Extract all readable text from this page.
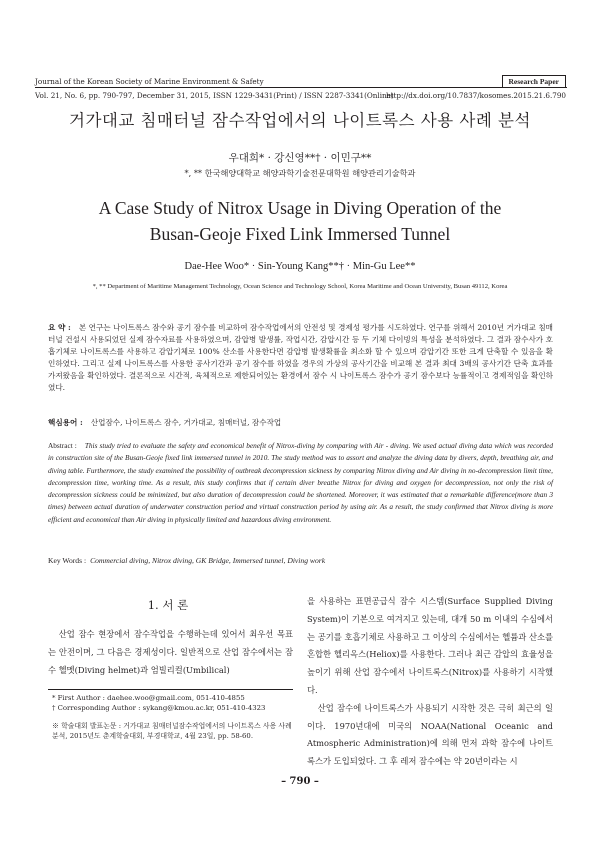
Journal of the Korean Society of Marine Environment & Safety	Research Paper
Vol. 21, No. 6, pp. 790-797, December 31, 2015, ISSN 1229-3431(Print) / ISSN 2287-3341(Online)
http://dx.doi.org/10.7837/kosomes.2015.21.6.790
거가대교 침매터널 잠수작업에서의 나이트록스 사용 사례 분석
우대희* · 강신영**† · 이민구**
*, ** 한국해양대학교 해양과학기술전문대학원 해양관리기술학과
A Case Study of Nitrox Usage in Diving Operation of the
Busan-Geoje Fixed Link Immersed Tunnel
Dae-Hee Woo* · Sin-Young Kang**† · Min-Gu Lee**
*, ** Department of Maritime Management Technology, Ocean Science and Technology School, Korea Maritime and Ocean University, Busan 49112, Korea
요 약 : 본 연구는 나이트록스 잠수와 공기 잠수를 비교하여 잠수작업에서의 안전성 및 경제성 평가를 시도하였다. 연구를 위해서 2010년 거가대교 침매터널 건설시 사용되었던 실제 잠수자료를 사용하였으며, 감압병 발생률, 작업시간, 감압시간 등 두 기체 다이빙의 특성을 분석하였다. 그 결과 잠수사가 호흡기체로 나이트록스를 사용하고 감압기체로 100% 산소를 사용한다면 감압병 발생확률을 최소화 할 수 있으며 감압기간 또한 크게 단축할 수 있음을 확인하였다. 그리고 실제 나이트록스를 사용한 공사기간과 공기 잠수를 하였을 경우의 가상의 공사기간을 비교해 본 결과 최대 3배의 공사기간 단축 효과를 가져왔음을 확인하였다. 결론적으로 시간적, 육체적으로 제한되어있는 환경에서 잠수 시 나이트록스 잠수가 공기 잠수보다 능률적이고 경제적임을 확인하였다.
핵심용어 : 산업잠수, 나이트록스 잠수, 거가대교, 침매터널, 잠수작업
Abstract : This study tried to evaluate the safety and economical benefit of Nitrox-diving by comparing with Air - diving. We used actual diving data which was recorded in construction site of the Busan-Geoje fixed link immersed tunnel in 2010. The study method was to assort and analyze the diving data by divers, depth, breathing air, and diving table. Furthermore, the study examined the possibility of outbreak decompression sickness by comparing Nitrox diving and Air diving in no-decompression limit time, decompression time, working time. As a result, this study confirms that if certain diver breathe Nitrox for diving and oxygen for decompression, not only the risk of decompression sickness could be minimized, but also duration of decompression could be shortened. Moreover, it was estimated that a remarkable difference(more than 3 times) between actual duration of underwater construction period and virtual construction period by using air. As a result, the study confirmed that Nitrox diving is more efficient and economical than Air diving in physically limited and hazardous diving environment.
Key Words : Commercial diving, Nitrox diving, GK Bridge, Immersed tunnel, Diving work
1. 서 론

산업 잠수 현장에서 잠수작업을 수행하는데 있어서 최우선 목표는 안전이며, 그 다음은 경제성이다. 일반적으로 산업 잠수에서는 잠수 헬멧(Diving helmet)과 엄빌리컬(Umbilical)

을 사용하는 표면공급식 잠수 시스템(Surface Supplied Diving System)이 기본으로 여겨지고 있는데, 대개 50 m 이내의 수심에서는 공기를 호흡기체로 사용하고 그 이상의 수심에서는 헬륨과 산소를 혼합한 헬리옥스(Heliox)를 사용한다. 그러나 최근 감압의 효율성을 높이기 위해 산업 잠수에서 나이트록스(Nitrox)를 사용하기 시작했다.

산업 잠수에 나이트록스가 사용되기 시작한 것은 극히 최근의 일이다. 1970년대에 미국의 NOAA(National Oceanic and Atmospheric Administration)에 의해 먼저 과학 잠수에 나이트록스가 도입되었다. 그 후 레저 잠수에는 약 20년이라는 시

* First Author : daehee.woo@gmail.com, 051-410-4855
† Corresponding Author : sykang@kmou.ac.kr, 051-410-4323
※ 학술대회 발표논문 : 거가대교 침매터널잠수작업에서의 나이트록스 사용 사례 분석, 2015년도 춘계학술대회, 부경대학교, 4월 23일, pp. 58-60.
– 790 –
